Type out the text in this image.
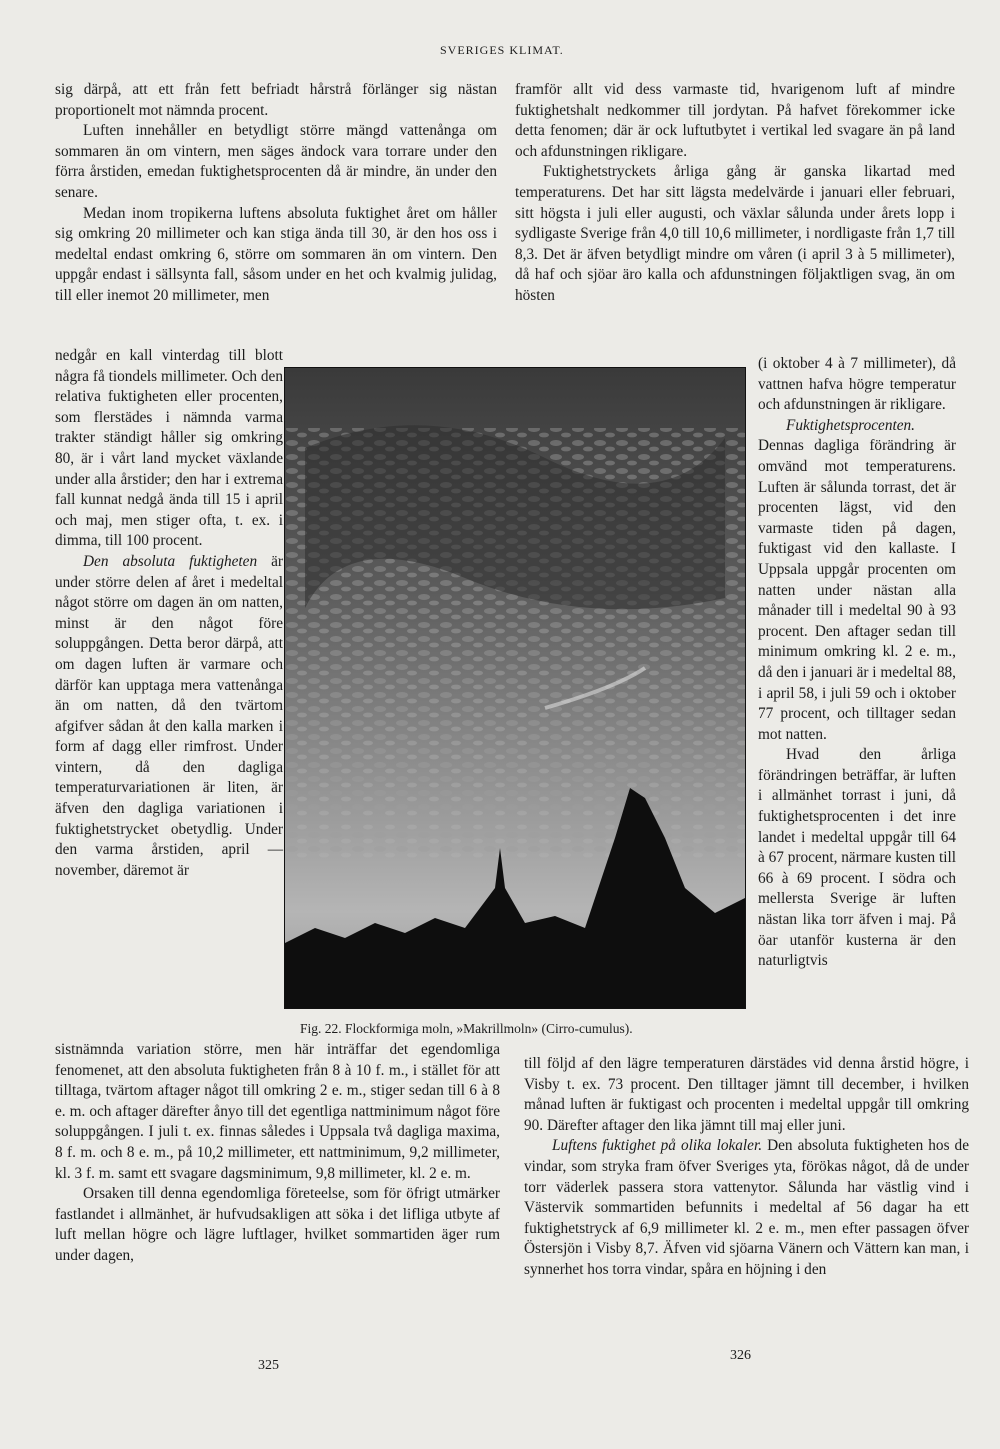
SVERIGES KLIMAT.

sig därpå, att ett från fett befriadt hårstrå förlänger sig nästan proportionelt mot nämnda procent.

Luften innehåller en betydligt större mängd vattenånga om sommaren än om vintern, men säges ändock vara torrare under den förra årstiden, emedan fuktighetsprocenten då är mindre, än under den senare.

Medan inom tropikerna luftens absoluta fuktighet året om håller sig omkring 20 millimeter och kan stiga ända till 30, är den hos oss i medeltal endast omkring 6, större om sommaren än om vintern. Den uppgår endast i sällsynta fall, såsom under en het och kvalmig julidag, till eller inemot 20 millimeter, men

nedgår en kall vinterdag till blott några få tiondels millimeter. Och den relativa fuktigheten eller procenten, som flerstädes i nämnda varma trakter ständigt håller sig omkring 80, är i vårt land mycket växlande under alla årstider; den har i extrema fall kunnat nedgå ända till 15 i april och maj, men stiger ofta, t. ex. i dimma, till 100 procent.

Den absoluta fuktigheten är under större delen af året i medeltal något större om dagen än om natten, minst är den något före soluppgången. Detta beror därpå, att om dagen luften är varmare och därför kan upptaga mera vattenånga än om natten, då den tvärtom afgifver sådan åt den kalla marken i form af dagg eller rimfrost. Under vintern, då den dagliga temperaturvariationen är liten, är äfven den dagliga variationen i fuktighetstrycket obetydlig. Under den varma årstiden, april —november, däremot är

Fig. 22. Flockformiga moln, »Makrillmoln» (Cirro-cumulus).

sistnämnda variation större, men här inträffar det egendomliga fenomenet, att den absoluta fuktigheten från 8 à 10 f. m., i stället för att tilltaga, tvärtom aftager något till omkring 2 e. m., stiger sedan till 6 à 8 e. m. och aftager därefter ånyo till det egentliga nattminimum något före soluppgången. I juli t. ex. finnas således i Uppsala två dagliga maxima, 8 f. m. och 8 e. m., på 10,2 millimeter, ett nattminimum, 9,2 millimeter, kl. 3 f. m. samt ett svagare dagsminimum, 9,8 millimeter, kl. 2 e. m.

Orsaken till denna egendomliga företeelse, som för öfrigt utmärker fastlandet i allmänhet, är hufvudsakligen att söka i det lifliga utbyte af luft mellan högre och lägre luftlager, hvilket sommartiden äger rum under dagen,

framför allt vid dess varmaste tid, hvarigenom luft af mindre fuktighetshalt nedkommer till jordytan. På hafvet förekommer icke detta fenomen; där är ock luftutbytet i vertikal led svagare än på land och afdunstningen rikligare.

Fuktighetstryckets årliga gång är ganska likartad med temperaturens. Det har sitt lägsta medelvärde i januari eller februari, sitt högsta i juli eller augusti, och växlar sålunda under årets lopp i sydligaste Sverige från 4,0 till 10,6 millimeter, i nordligaste från 1,7 till 8,3. Det är äfven betydligt mindre om våren (i april 3 à 5 millimeter), då haf och sjöar äro kalla och afdunstningen följaktligen svag, än om hösten

(i oktober 4 à 7 millimeter), då vattnen hafva högre temperatur och afdunstningen är rikligare.

Fuktighetsprocenten. Dennas dagliga förändring är omvänd mot temperaturens. Luften är sålunda torrast, det är procenten lägst, vid den varmaste tiden på dagen, fuktigast vid den kallaste. I Uppsala uppgår procenten om natten under nästan alla månader till i medeltal 90 à 93 procent. Den aftager sedan till minimum omkring kl. 2 e. m., då den i januari är i medeltal 88, i april 58, i juli 59 och i oktober 77 procent, och tilltager sedan mot natten.

Hvad den årliga förändringen beträffar, är luften i allmänhet torrast i juni, då fuktighetsprocenten i det inre landet i medeltal uppgår till 64 à 67 procent, närmare kusten till 66 à 69 procent. I södra och mellersta Sverige är luften nästan lika torr äfven i maj. På öar utanför kusterna är den naturligtvis

till följd af den lägre temperaturen därstädes vid denna årstid högre, i Visby t. ex. 73 procent. Den tilltager jämnt till december, i hvilken månad luften är fuktigast och procenten i medeltal uppgår till omkring 90. Därefter aftager den lika jämnt till maj eller juni.

Luftens fuktighet på olika lokaler. Den absoluta fuktigheten hos de vindar, som stryka fram öfver Sveriges yta, förökas något, då de under torr väderlek passera stora vattenytor. Sålunda har västlig vind i Västervik sommartiden befunnits i medeltal af 56 dagar ha ett fuktighetstryck af 6,9 millimeter kl. 2 e. m., men efter passagen öfver Östersjön i Visby 8,7. Äfven vid sjöarna Vänern och Vättern kan man, i synnerhet hos torra vindar, spåra en höjning i den

325
326
